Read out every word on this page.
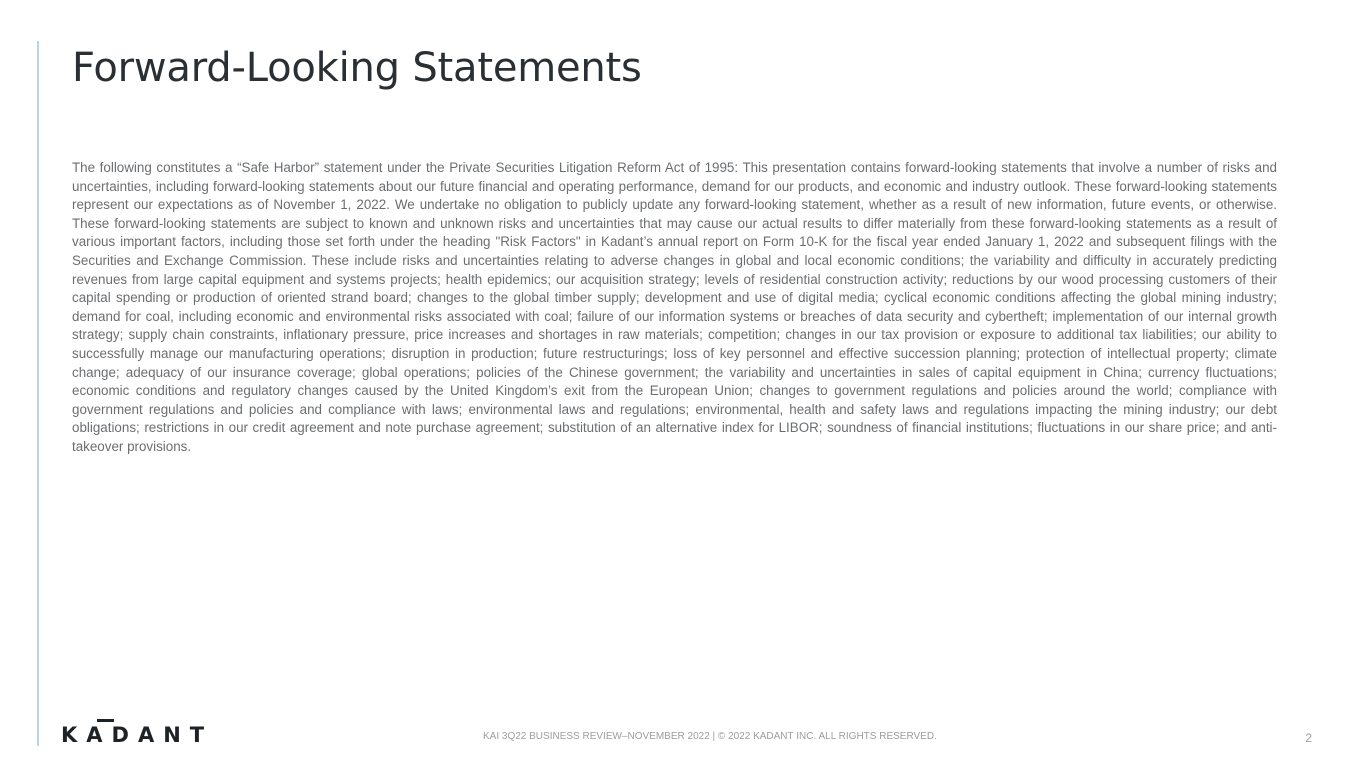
Forward-Looking Statements

The following constitutes a “Safe Harbor” statement under the Private Securities Litigation Reform Act of 1995: This presentation contains forward-looking statements that involve a number of risks and uncertainties, including forward-looking statements about our future financial and operating performance, demand for our products, and economic and industry outlook. These forward-looking statements represent our expectations as of November 1, 2022. We undertake no obligation to publicly update any forward-looking statement, whether as a result of new information, future events, or otherwise. These forward-looking statements are subject to known and unknown risks and uncertainties that may cause our actual results to differ materially from these forward-looking statements as a result of various important factors, including those set forth under the heading "Risk Factors" in Kadant’s annual report on Form 10-K for the fiscal year ended January 1, 2022 and subsequent filings with the Securities and Exchange Commission. These include risks and uncertainties relating to adverse changes in global and local economic conditions; the variability and difficulty in accurately predicting revenues from large capital equipment and systems projects; health epidemics; our acquisition strategy; levels of residential construction activity; reductions by our wood processing customers of their capital spending or production of oriented strand board; changes to the global timber supply; development and use of digital media; cyclical economic conditions affecting the global mining industry; demand for coal, including economic and environmental risks associated with coal; failure of our information systems or breaches of data security and cybertheft; implementation of our internal growth strategy; supply chain constraints, inflationary pressure, price increases and shortages in raw materials; competition; changes in our tax provision or exposure to additional tax liabilities; our ability to successfully manage our manufacturing operations; disruption in production; future restructurings; loss of key personnel and effective succession planning; protection of intellectual property; climate change; adequacy of our insurance coverage; global operations; policies of the Chinese government; the variability and uncertainties in sales of capital equipment in China; currency fluctuations; economic conditions and regulatory changes caused by the United Kingdom’s exit from the European Union; changes to government regulations and policies around the world; compliance with government regulations and policies and compliance with laws; environmental laws and regulations; environmental, health and safety laws and regulations impacting the mining industry; our debt obligations; restrictions in our credit agreement and note purchase agreement; substitution of an alternative index for LIBOR; soundness of financial institutions; fluctuations in our share price; and anti-takeover provisions.

KADANT	KAI 3Q22 BUSINESS REVIEW–NOVEMBER 2022 | © 2022 KADANT INC. ALL RIGHTS RESERVED.	2
